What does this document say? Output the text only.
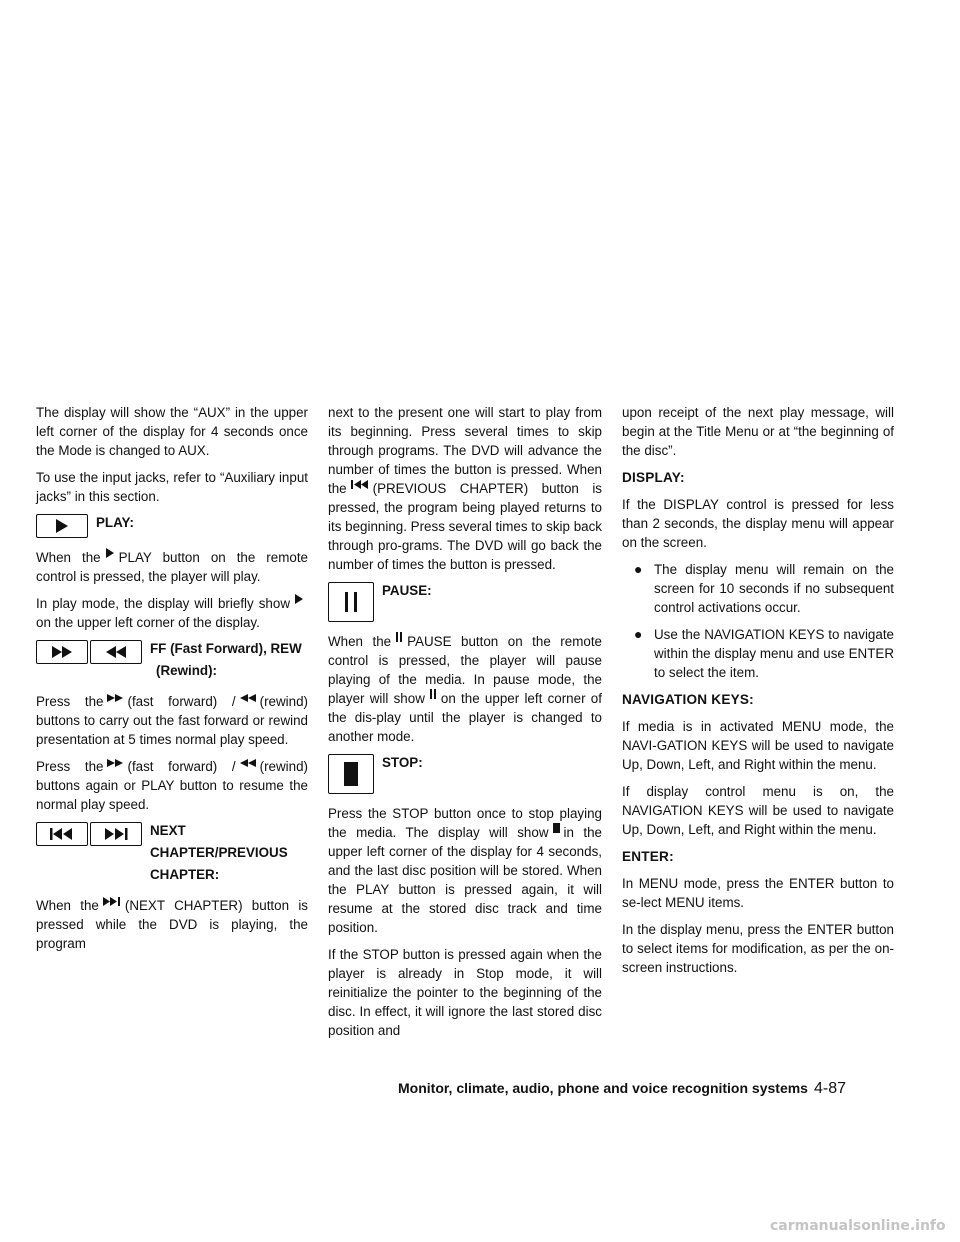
The display will show the “AUX” in the upper left corner of the display for 4 seconds once the Mode is changed to AUX.

To use the input jacks, refer to “Auxiliary input jacks” in this section.

PLAY:

When the PLAY button on the remote control is pressed, the player will play.

In play mode, the display will briefly showon the upper left corner of the display.

FF (Fast Forward), REW
(Rewind):

Press the (fast forward) / (rewind) buttons to carry out the fast forward or rewind presentation at 5 times normal play speed.

Press the (fast forward) / (rewind) buttons again or PLAY button to resume the normal play speed.

NEXT
CHAPTER/PREVIOUS
CHAPTER:

When the (NEXT CHAPTER) button is pressed while the DVD is playing, the program

next to the present one will start to play from its beginning. Press several times to skip through programs. The DVD will advance the number of times the button is pressed. When the (PREVIOUS CHAPTER) button is pressed, the program being played returns to its beginning. Press several times to skip back through pro-grams. The DVD will go back the number of times the button is pressed.

PAUSE:

When the PAUSE button on the remote control is pressed, the player will pause playing of the media. In pause mode, the player will show on the upper left corner of the dis-play until the player is changed to another mode.

STOP:

Press the STOP button once to stop playing the media. The display will show in the upper left corner of the display for 4 seconds, and the last disc position will be stored. When the PLAY button is pressed again, it will resume at the stored disc track and time position.

If the STOP button is pressed again when the player is already in Stop mode, it will reinitialize the pointer to the beginning of the disc. In effect, it will ignore the last stored disc position and

upon receipt of the next play message, will begin at the Title Menu or at “the beginning of the disc”.

DISPLAY:

If the DISPLAY control is pressed for less than 2 seconds, the display menu will appear on the screen.

● The display menu will remain on the screen for 10 seconds if no subsequent control activations occur.
● Use the NAVIGATION KEYS to navigate within the display menu and use ENTER to select the item.
NAVIGATION KEYS:

If media is in activated MENU mode, the NAVI-GATION KEYS will be used to navigate Up, Down, Left, and Right within the menu.

If display control menu is on, the NAVIGATION KEYS will be used to navigate Up, Down, Left, and Right within the menu.

ENTER:

In MENU mode, press the ENTER button to se-lect MENU items.

In the display menu, press the ENTER button to select items for modification, as per the on-screen instructions.

Monitor, climate, audio, phone and voice recognition systems 4-87
carmanualsonline.info
